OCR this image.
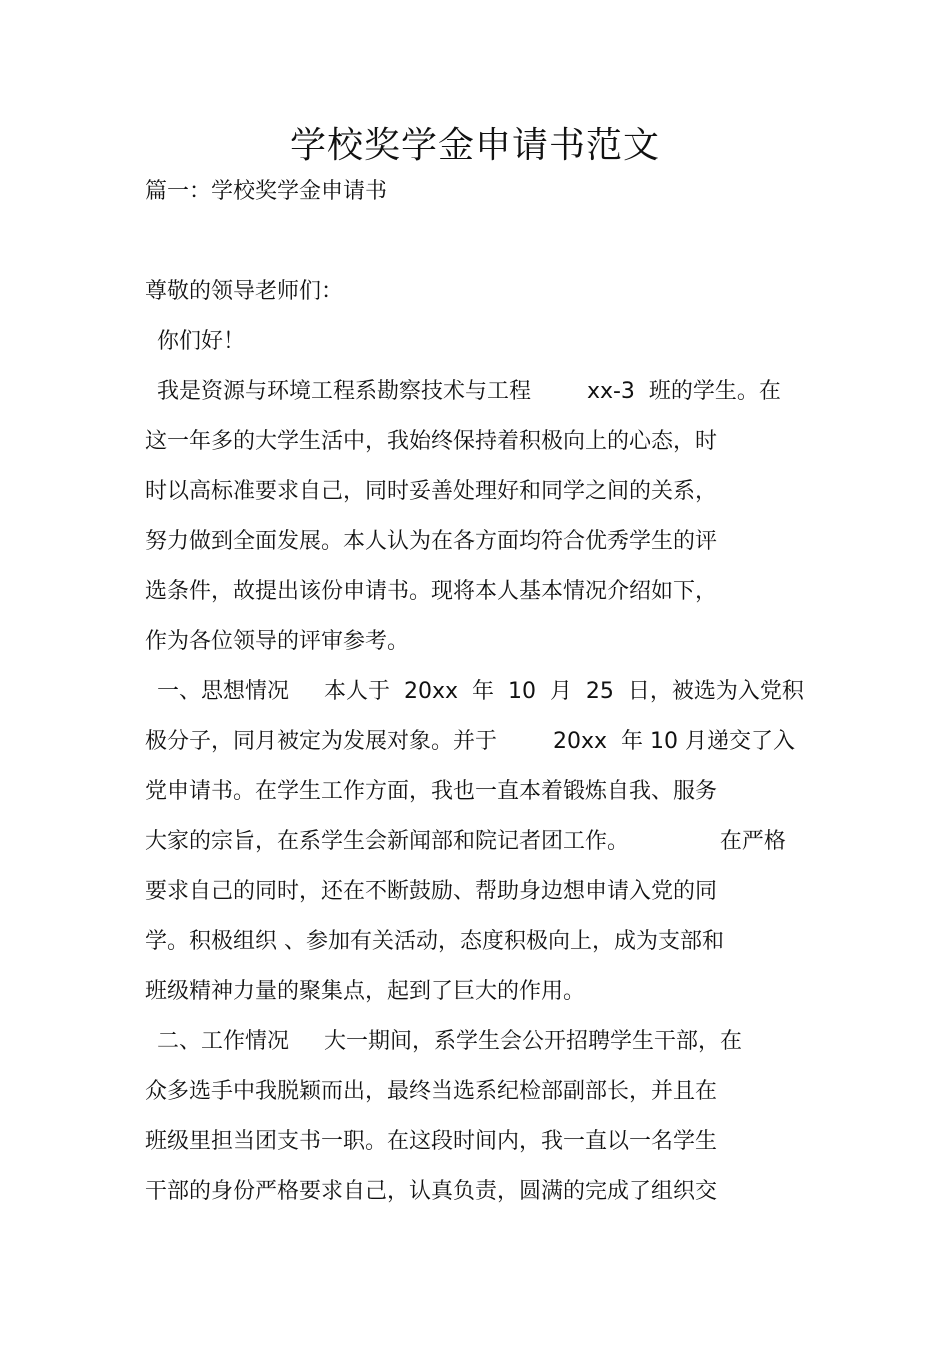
学校奖学金申请书范文
篇一：学校奖学金申请书
尊敬的领导老师们：
你们好！
我是资源与环境工程系勘察技术与工程        xx-3  班的学生。在
这一年多的大学生活中，我始终保持着积极向上的心态，时
时以高标准要求自己，同时妥善处理好和同学之间的关系，
努力做到全面发展。本人认为在各方面均符合优秀学生的评
选条件，故提出该份申请书。现将本人基本情况介绍如下，
作为各位领导的评审参考。
一、思想情况     本人于  20xx  年  10  月  25  日，被选为入党积
极分子，同月被定为发展对象。并于        20xx  年 10 月递交了入
党申请书。在学生工作方面，我也一直本着锻炼自我、服务
大家的宗旨，在系学生会新闻部和院记者团工作。             在严格
要求自己的同时，还在不断鼓励、帮助身边想申请入党的同
学。积极组织 、参加有关活动，态度积极向上，成为支部和
班级精神力量的聚集点，起到了巨大的作用。
二、工作情况     大一期间，系学生会公开招聘学生干部，在
众多选手中我脱颖而出，最终当选系纪检部副部长，并且在
班级里担当团支书一职。在这段时间内，我一直以一名学生
干部的身份严格要求自己，认真负责，圆满的完成了组织交
